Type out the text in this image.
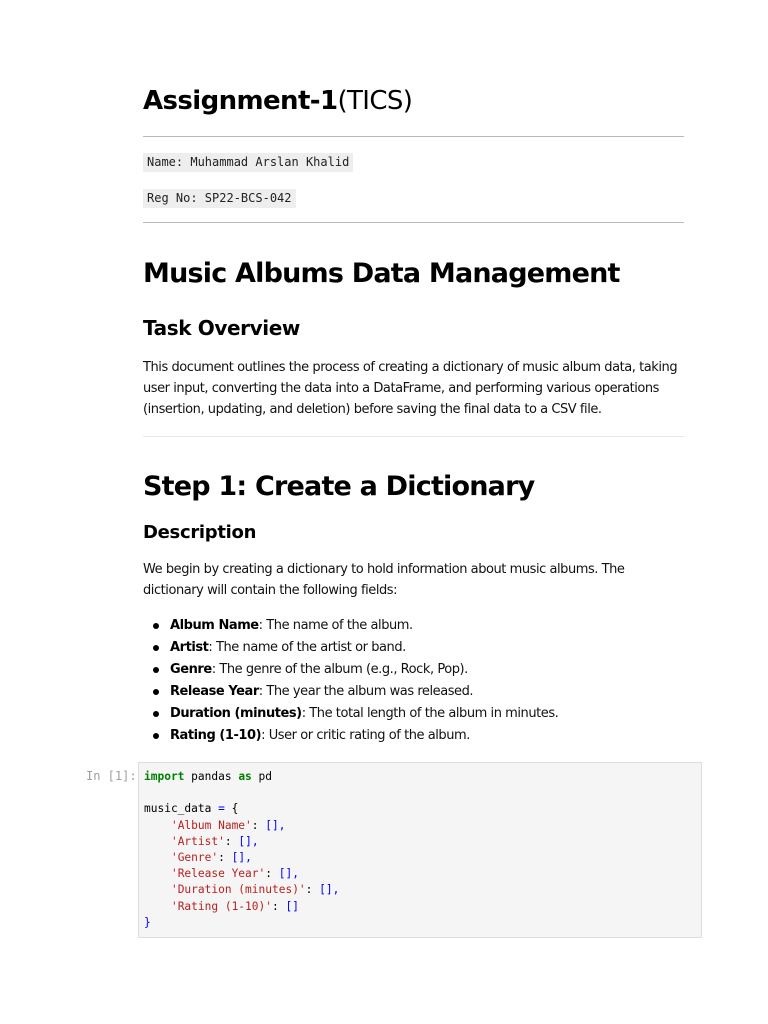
Assignment-1(TICS)
Name: Muhammad Arslan Khalid
Reg No: SP22-BCS-042
Music Albums Data Management
Task Overview

This document outlines the process of creating a dictionary of music album data, taking user input, converting the data into a DataFrame, and performing various operations (insertion, updating, and deletion) before saving the final data to a CSV file.

Step 1: Create a Dictionary
Description

We begin by creating a dictionary to hold information about music albums. The dictionary will contain the following fields:

Album Name: The name of the album.
Artist: The name of the artist or band.
Genre: The genre of the album (e.g., Rock, Pop).
Release Year: The year the album was released.
Duration (minutes): The total length of the album in minutes.
Rating (1-10): User or critic rating of the album.
In [1]: import pandas as pd

music_data = {
'Album Name': [],
'Artist': [],
'Genre': [],
'Release Year': [],
'Duration (minutes)': [],
'Rating (1-10)': []
}
